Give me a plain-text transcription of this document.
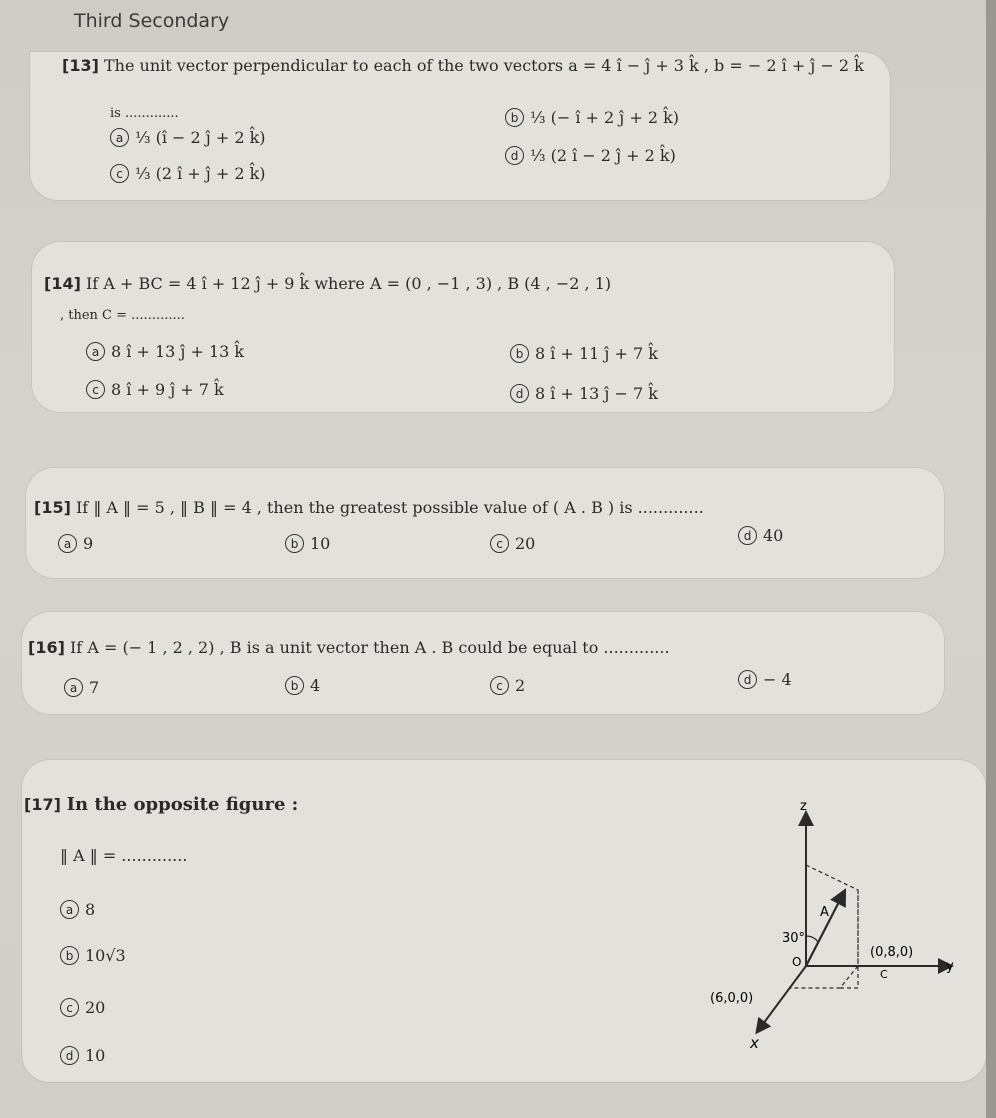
Third Secondary
[13] The unit vector perpendicular to each of the two vectors a = 4 î − ĵ + 3 k̂ , b = − 2 î + ĵ − 2 k̂
is .............
a ⅓ (î − 2 ĵ + 2 k̂)
b ⅓ (− î + 2 ĵ + 2 k̂)
c ⅓ (2 î + ĵ + 2 k̂)
d ⅓ (2 î − 2 ĵ + 2 k̂)
[14] If A + BC = 4 î + 12 ĵ + 9 k̂ where A = (0 , −1 , 3) , B (4 , −2 , 1)
, then C = .............
a 8 î + 13 ĵ + 13 k̂	b 8 î + 11 ĵ + 7 k̂
c 8 î + 9 ĵ + 7 k̂	d 8 î + 13 ĵ − 7 k̂
[15] If ‖ A ‖ = 5 , ‖ B ‖ = 4 , then the greatest possible value of ( A . B ) is .............
a 9	b 10	c 20	d 40
[16] If A = (− 1 , 2 , 2) , B is a unit vector then A . B could be equal to .............
a 7	b 4	c 2	d − 4
[17] In the opposite figure :
‖ A ‖ = .............
a 8
b 10√3
c 20
d 10
z
y
x
O
30°
A
(0,8,0)
(6,0,0)
C
